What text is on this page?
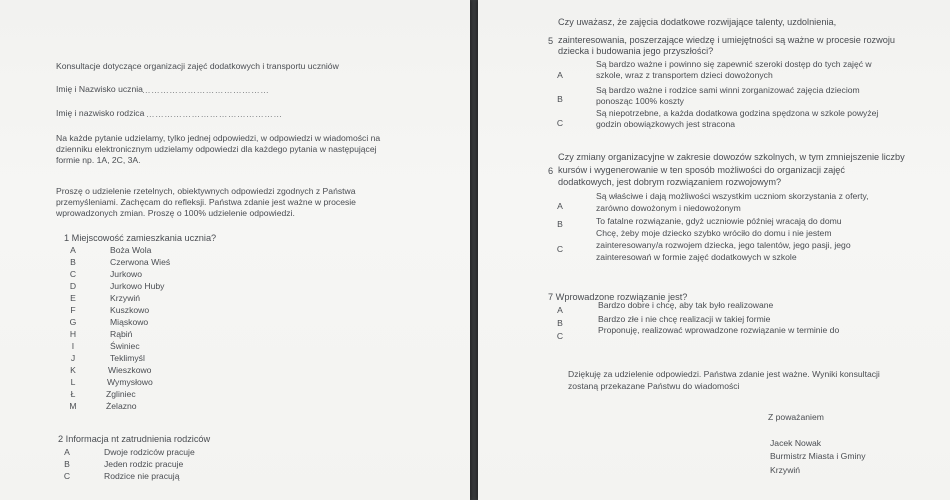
Konsultacje dotyczące organizacji zajęć dodatkowych i transportu uczniów
Imię i Nazwisko ucznia ……………………………………
Imię i nazwisko rodzica ………………………………………
Na każde pytanie udzielamy, tylko jednej odpowiedzi, w odpowiedzi w wiadomości na
dzienniku elektronicznym udzielamy odpowiedzi dla każdego pytania w następującej
formie np. 1A, 2C, 3A.
Proszę o udzielenie rzetelnych, obiektywnych odpowiedzi zgodnych z Państwa
przemyśleniami. Zachęcam do refleksji. Państwa zdanie jest ważne w procesie
wprowadzonych zmian. Proszę o 100% udzielenie odpowiedzi.
1 Miejscowość zamieszkania ucznia?
A	Boża Wola
B	Czerwona Wieś
C	Jurkowo
D	Jurkowo Huby
E	Krzywiń
F	Kuszkowo
G	Miąskowo
H	Rąbiń
I	Świniec
J	Teklimyśl
K	Wieszkowo
L	Wymysłowo
Ł	Zgliniec
M	Żelazno
2 Informacja nt zatrudnienia rodziców
A	Dwoje rodziców pracuje
B	Jeden rodzic pracuje
C	Rodzice nie pracują
Czy uważasz, że zajęcia dodatkowe rozwijające talenty, uzdolnienia,
5 zainteresowania, poszerzające wiedzę i umiejętności są ważne w procesie rozwoju
dziecka i budowania jego przyszłości?
A
Są bardzo ważne i powinno się zapewnić szeroki dostęp do tych zajęć w
szkole, wraz z transportem dzieci dowożonych
B
Są bardzo ważne i rodzice sami winni zorganizować zajęcia dzieciom
ponosząc 100% koszty
C
Są niepotrzebne, a każda dodatkowa godzina spędzona w szkole powyżej
godzin obowiązkowych jest stracona
Czy zmiany organizacyjne w zakresie dowozów szkolnych, w tym zmniejszenie liczby
6 kursów i wygenerowanie w ten sposób możliwości do organizacji zajęć
dodatkowych, jest dobrym rozwiązaniem rozwojowym?
A
Są właściwe i dają możliwości wszystkim uczniom skorzystania z oferty,
zarówno dowożonym i niedowożonym
B	To fatalne rozwiązanie, gdyż uczniowie później wracają do domu
C
Chcę, żeby moje dziecko szybko wróciło do domu i nie jestem
zainteresowany/a rozwojem dziecka, jego talentów, jego pasji, jego
zainteresowań w formie zajęć dodatkowych w szkole
7 Wprowadzone rozwiązanie jest?
A	Bardzo dobre i chcę, aby tak było realizowane
B	Bardzo złe i nie chcę realizacji w takiej formie
C
Proponuję, realizować wprowadzone rozwiązanie w terminie do
Dziękuję za udzielenie odpowiedzi. Państwa zdanie jest ważne. Wyniki konsultacji
zostaną przekazane Państwu do wiadomości
Z poważaniem
Jacek Nowak
Burmistrz Miasta i Gminy
Krzywiń
